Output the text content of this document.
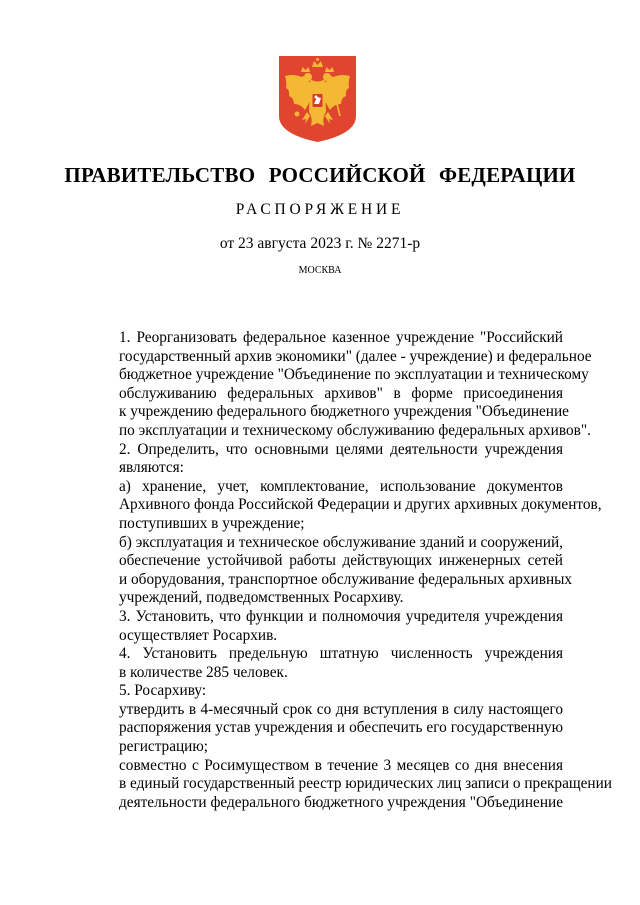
ПРАВИТЕЛЬСТВО РОССИЙСКОЙ ФЕДЕРАЦИИ
РАСПОРЯЖЕНИЕ
от 23 августа 2023 г. № 2271-р
МОСКВА

1. Реорганизовать федеральное казенное учреждение "Российский
государственный архив экономики" (далее - учреждение) и федеральное
бюджетное учреждение "Объединение по эксплуатации и техническому
обслуживанию федеральных архивов" в форме присоединения
к учреждению федерального бюджетного учреждения "Объединение
по эксплуатации и техническому обслуживанию федеральных архивов".

2. Определить, что основными целями деятельности учреждения
являются:

а) хранение, учет, комплектование, использование документов
Архивного фонда Российской Федерации и других архивных документов,
поступивших в учреждение;

б) эксплуатация и техническое обслуживание зданий и сооружений,
обеспечение устойчивой работы действующих инженерных сетей
и оборудования, транспортное обслуживание федеральных архивных
учреждений, подведомственных Росархиву.

3. Установить, что функции и полномочия учредителя учреждения
осуществляет Росархив.

4. Установить предельную штатную численность учреждения
в количестве 285 человек.

5. Росархиву:

утвердить в 4-месячный срок со дня вступления в силу настоящего
распоряжения устав учреждения и обеспечить его государственную
регистрацию;

совместно с Росимуществом в течение 3 месяцев со дня внесения
в единый государственный реестр юридических лиц записи о прекращении
деятельности федерального бюджетного учреждения "Объединение
